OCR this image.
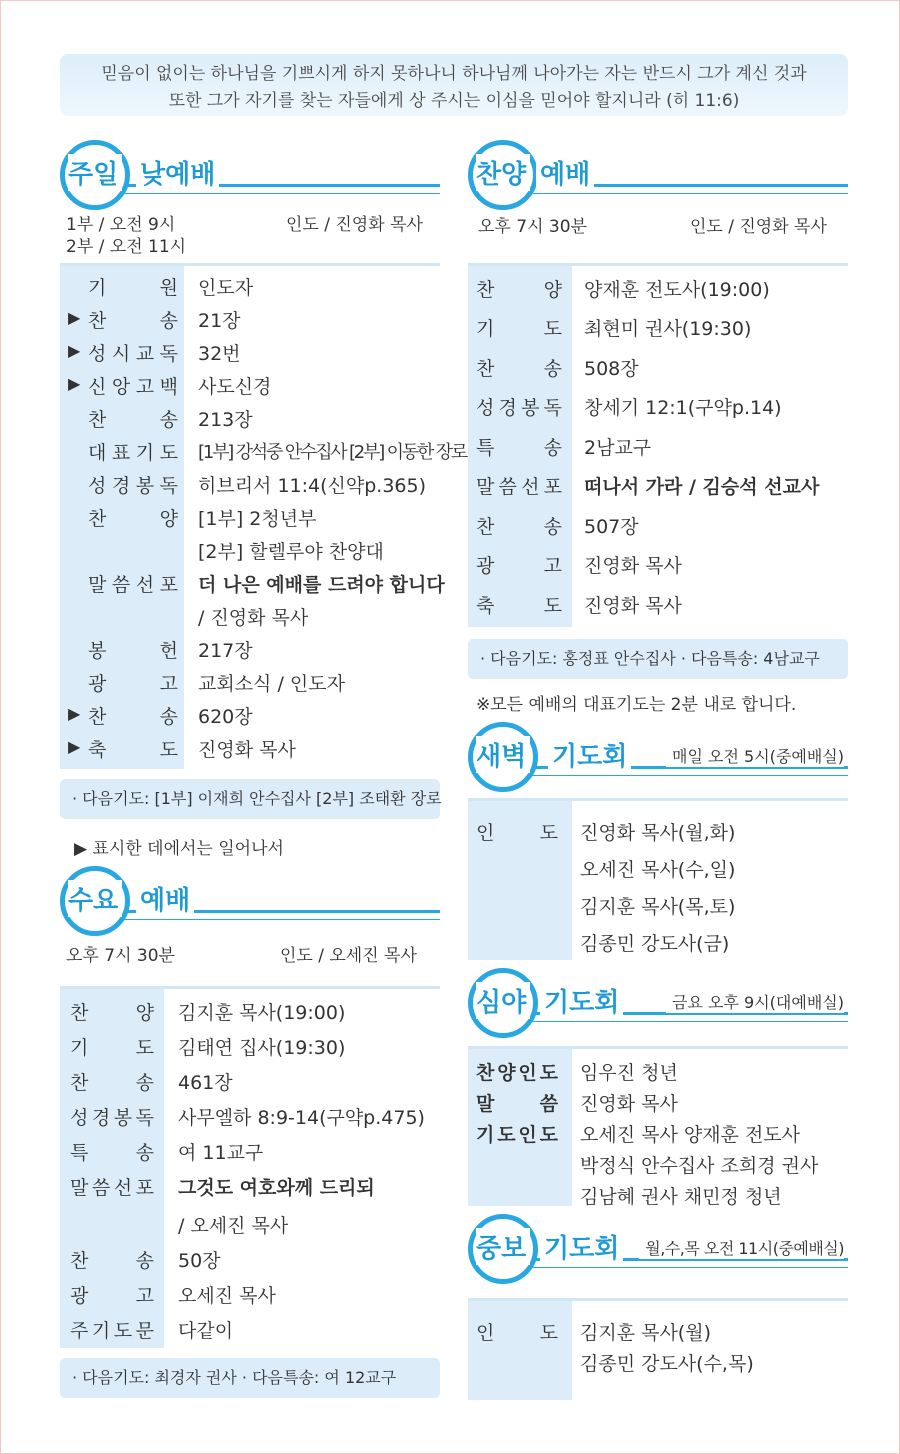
믿음이 없이는 하나님을 기쁘시게 하지 못하나니 하나님께 나아가는 자는 반드시 그가 계신 것과
또한 그가 자기를 찾는 자들에게 상 주시는 이심을 믿어야 할지니라 (히 11:6)
주일 낮예배
1부 / 오전 9시
2부 / 오전 11시
인도 / 진영화 목사
기	원 인도자
▶ 찬	송 21장
▶ 성 시 교 독 32번
▶ 신 앙 고 백 사도신경
찬	송 213장
대 표 기 도 [1부] 강석중 안수집사 [2부] 이동한 장로
성 경 봉 독 히브리서 11:4(신약p.365)
찬	양 [1부] 2청년부
[2부] 할렐루야 찬양대
말 씀 선 포 더 나은 예배를 드려야 합니다
/ 진영화 목사
봉	헌 217장
광	고 교회소식 / 인도자
▶ 찬	송 620장
▶ 축	도 진영화 목사
· 다음기도: [1부] 이재희 안수집사 [2부] 조태환 장로
▶ 표시한 데에서는 일어나서
수요 예배
오후 7시 30분	인도 / 오세진 목사
찬 양 김지훈 목사(19:00)
기 도 김태연 집사(19:30)
찬 송 461장
성 경 봉 독 사무엘하 8:9-14(구약p.475)
특 송 여 11교구
말 씀 선 포 그것도 여호와께 드리되
/ 오세진 목사
찬 송 50장
광 고 오세진 목사
주 기 도 문 다같이
· 다음기도: 최경자 권사 · 다음특송: 여 12교구
찬양 예배
오후 7시 30분	인도 / 진영화 목사
찬	양 양재훈 전도사(19:00)
기	도 최현미 권사(19:30)
찬	송 508장
성 경 봉 독 창세기 12:1(구약p.14)
특	송 2남교구
말 씀 선 포 떠나서 가라 / 김승석 선교사
찬	송 507장
광	고 진영화 목사
축	도 진영화 목사
· 다음기도: 홍정표 안수집사 · 다음특송: 4남교구
※모든 예배의 대표기도는 2분 내로 합니다.
새벽 기도회	매일 오전 5시(중예배실)
인 도 진영화 목사(월,화)
오세진 목사(수,일)
김지훈 목사(목,토)
김종민 강도사(금)
심야 기도회	금요 오후 9시(대예배실)
찬 양 인 도 임우진 청년
말 씀 진영화 목사
기 도 인 도 오세진 목사 양재훈 전도사
박정식 안수집사 조희경 권사
김남혜 권사 채민정 청년
중보 기도회	월,수,목 오전 11시(중예배실)
인 도 김지훈 목사(월)
김종민 강도사(수,목)
